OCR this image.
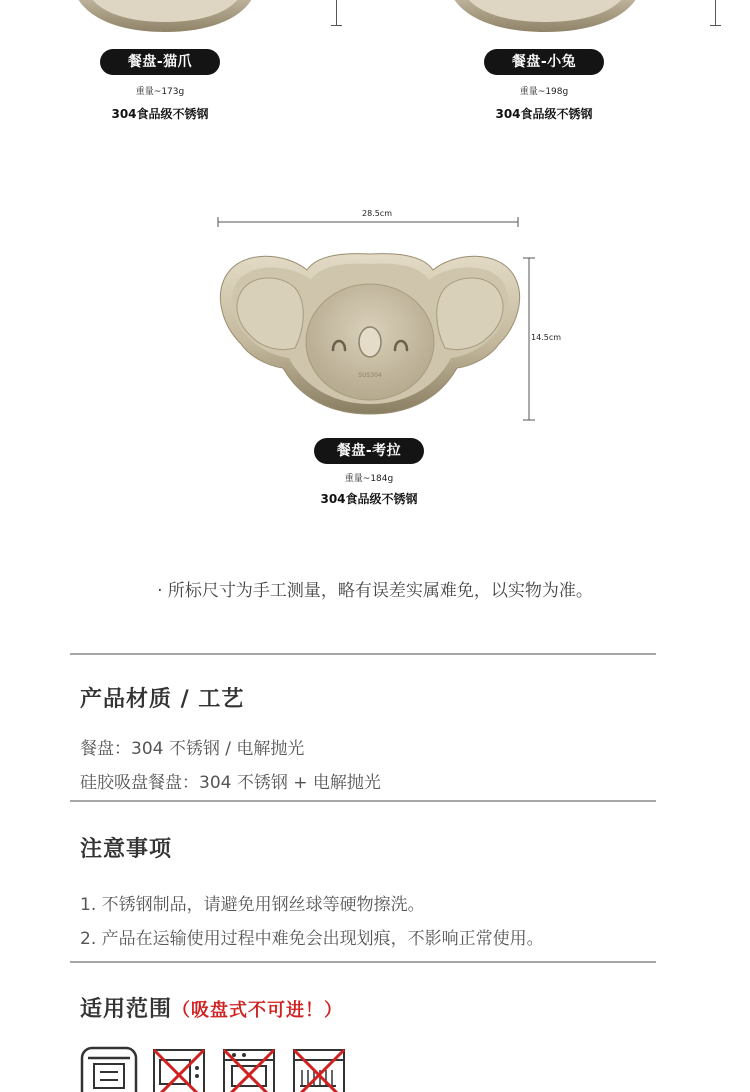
餐盘-猫爪
重量~173g
304食品级不锈钢
餐盘-小兔
重量~198g
304食品级不锈钢
28.5cm
14.5cm
SUS304
餐盘-考拉
重量~184g
304食品级不锈钢
· 所标尺寸为手工测量，略有误差实属难免，以实物为准。
产品材质 / 工艺
餐盘：304 不锈钢 / 电解抛光
硅胶吸盘餐盘：304 不锈钢 + 电解抛光
注意事项
1. 不锈钢制品，请避免用钢丝球等硬物擦洗。
2. 产品在运输使用过程中难免会出现划痕，不影响正常使用。
适用范围（吸盘式不可进！）
